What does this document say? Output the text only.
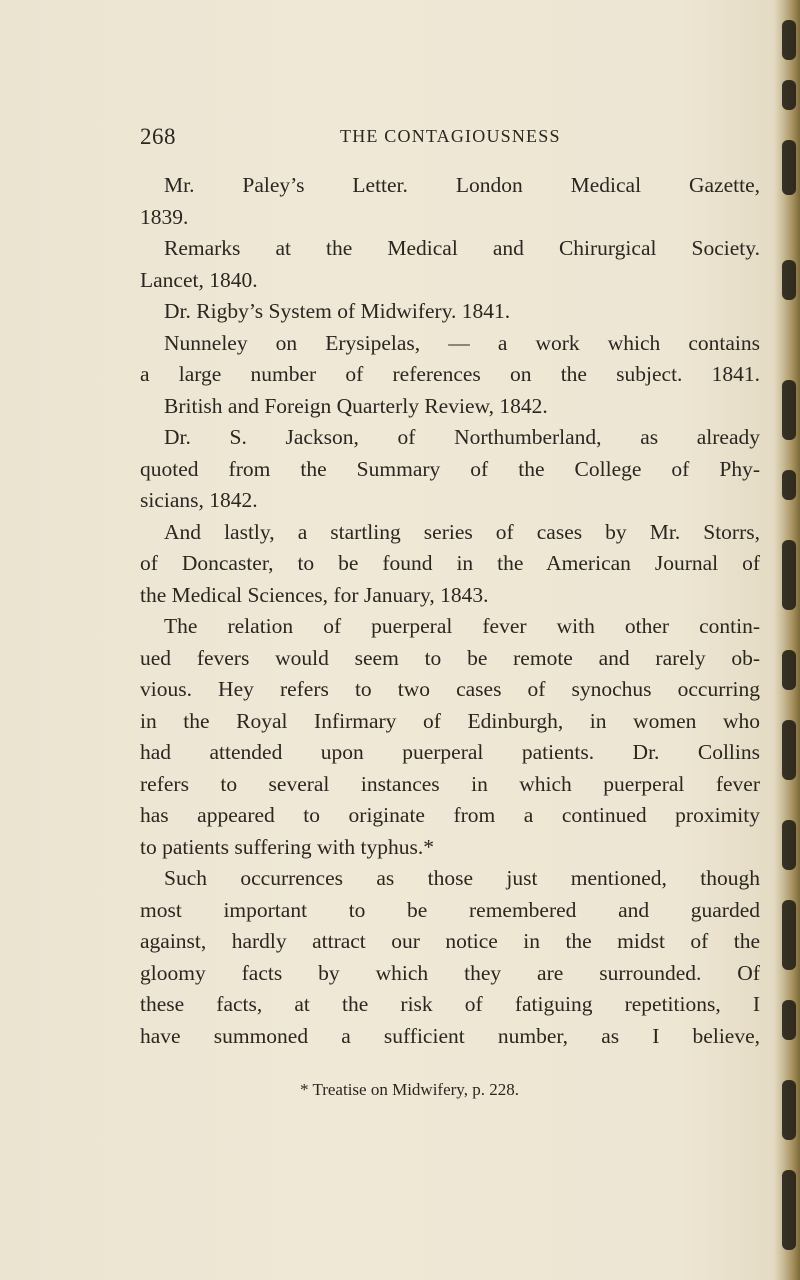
268	THE CONTAGIOUSNESS
Mr. Paley’s Letter. London Medical Gazette,
1839.
Remarks at the Medical and Chirurgical Society.
Lancet, 1840.
Dr. Rigby’s System of Midwifery. 1841.
Nunneley on Erysipelas, — a work which contains
a large number of references on the subject. 1841.
British and Foreign Quarterly Review, 1842.
Dr. S. Jackson, of Northumberland, as already
quoted from the Summary of the College of Phy-
sicians, 1842.
And lastly, a startling series of cases by Mr. Storrs,
of Doncaster, to be found in the American Journal of
the Medical Sciences, for January, 1843.
The relation of puerperal fever with other contin-
ued fevers would seem to be remote and rarely ob-
vious. Hey refers to two cases of synochus occurring
in the Royal Infirmary of Edinburgh, in women who
had attended upon puerperal patients. Dr. Collins
refers to several instances in which puerperal fever
has appeared to originate from a continued proximity
to patients suffering with typhus.*
Such occurrences as those just mentioned, though
most important to be remembered and guarded
against, hardly attract our notice in the midst of the
gloomy facts by which they are surrounded. Of
these facts, at the risk of fatiguing repetitions, I
have summoned a sufficient number, as I believe,
* Treatise on Midwifery, p. 228.
